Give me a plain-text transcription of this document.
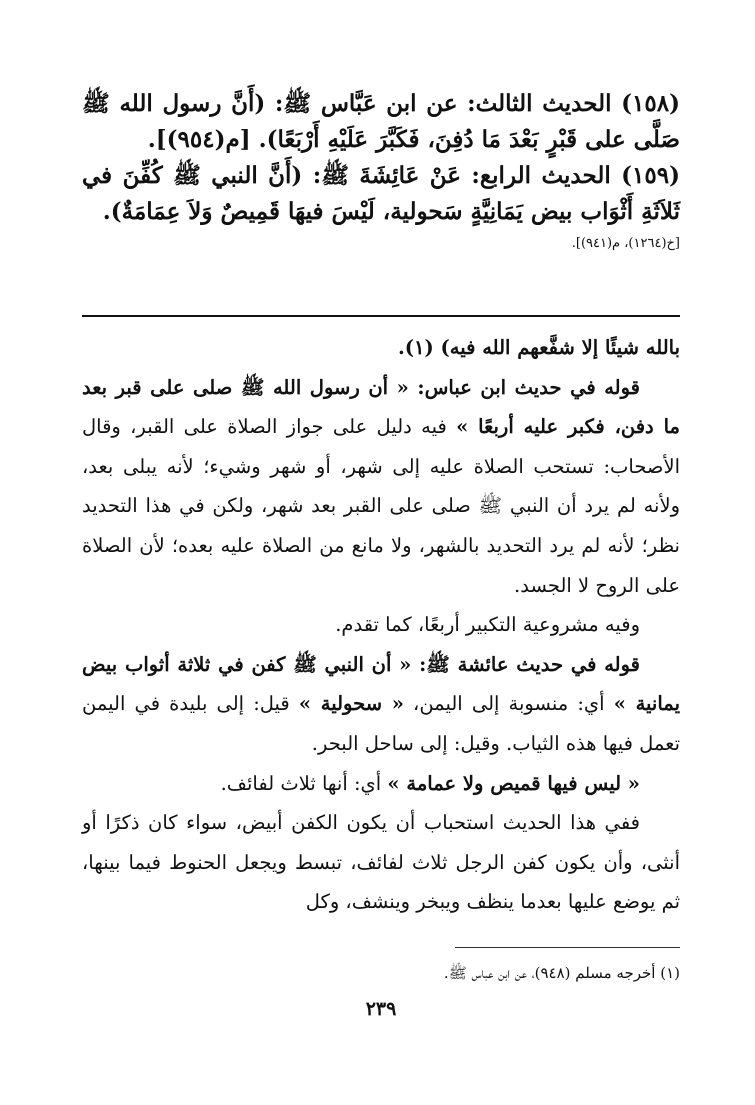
(١٥٨) الحديث الثالث: عن ابن عَبَّاس ﷺ: (أَنَّ رسول الله ﷺ صَلَّى على قَبْرٍ بَعْدَ مَا دُفِنَ، فَكَبَّرَ عَلَيْهِ أَرْبَعًا). [م(٩٥٤)].

(١٥٩) الحديث الرابع: عَنْ عَائِشَةَ ﷺ: (أَنَّ النبي ﷺ كُفِّنَ في ثَلاَثَةِ أَثْوَاب بيض يَمَانِيَّةٍ سَحولية، لَيْسَ فيهَا قَمِيصٌ وَلاَ عِمَامَةٌ).

[خ(١٢٦٤)، م(٩٤١)].

بالله شيئًا إلا شفَّعهم الله فيه) (١).

قوله في حديث ابن عباس: « أن رسول الله ﷺ صلى على قبر بعد ما دفن، فكبر عليه أربعًا » فيه دليل على جواز الصلاة على القبر، وقال الأصحاب: تستحب الصلاة عليه إلى شهر، أو شهر وشيء؛ لأنه يبلى بعد، ولأنه لم يرد أن النبي ﷺ صلى على القبر بعد شهر، ولكن في هذا التحديد نظر؛ لأنه لم يرد التحديد بالشهر، ولا مانع من الصلاة عليه بعده؛ لأن الصلاة على الروح لا الجسد.

وفيه مشروعية التكبير أربعًا، كما تقدم.

قوله في حديث عائشة ﷺ: « أن النبي ﷺ كفن في ثلاثة أثواب بيض يمانية » أي: منسوبة إلى اليمن، « سحولية » قيل: إلى بليدة في اليمن تعمل فيها هذه الثياب. وقيل: إلى ساحل البحر.

« ليس فيها قميص ولا عمامة » أي: أنها ثلاث لفائف.

ففي هذا الحديث استحباب أن يكون الكفن أبيض، سواء كان ذكرًا أو أنثى، وأن يكون كفن الرجل ثلاث لفائف، تبسط ويجعل الحنوط فيما بينها، ثم يوضع عليها بعدما ينظف ويبخر وينشف، وكل

(١) أخرجه مسلم (٩٤٨)، عن ابن عباس ﷺ.
٢٣٩
